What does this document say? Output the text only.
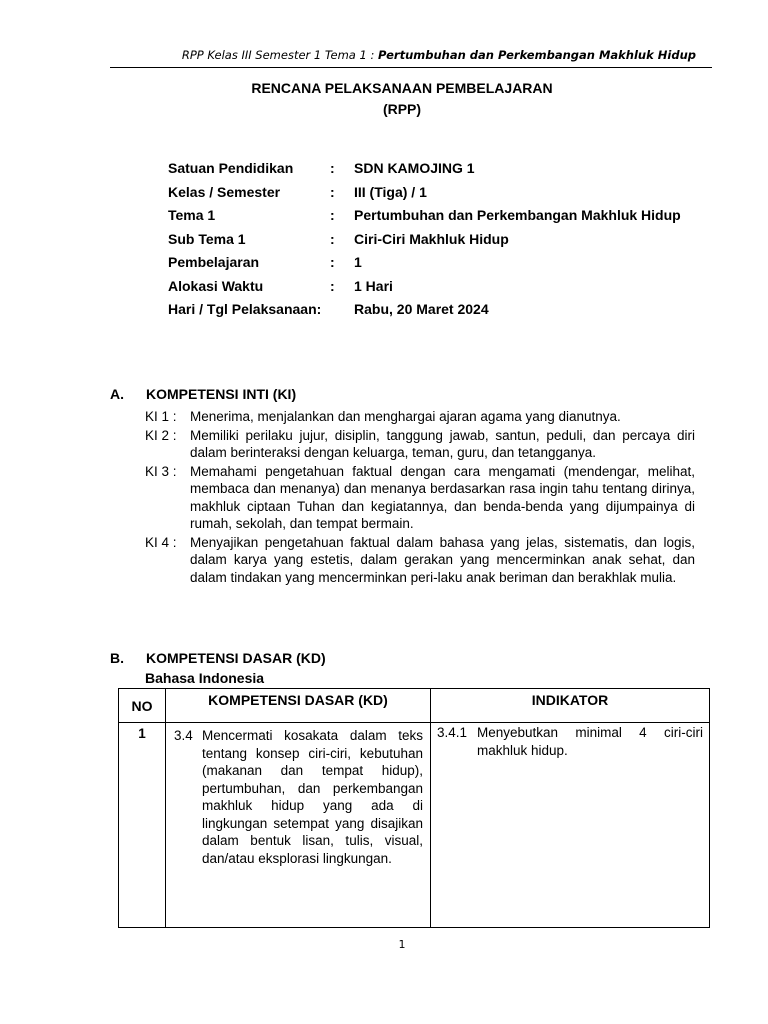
RPP Kelas III Semester 1 Tema 1 : Pertumbuhan dan Perkembangan Makhluk Hidup
RENCANA PELAKSANAAN PEMBELAJARAN
(RPP)
Satuan Pendidikan	:	SDN KAMOJING 1
Kelas / Semester	:	III (Tiga) / 1
Tema 1	:	Pertumbuhan dan Perkembangan Makhluk Hidup
Sub Tema 1	:	Ciri-Ciri Makhluk Hidup
Pembelajaran	:	1
Alokasi Waktu	:	1 Hari
Hari / Tgl Pelaksanaan:	Rabu, 20 Maret 2024
A. KOMPETENSI INTI (KI)
KI 1 : Menerima, menjalankan dan menghargai ajaran agama yang dianutnya.
KI 2 : Memiliki perilaku jujur, disiplin, tanggung jawab, santun, peduli, dan percaya diri dalam berinteraksi dengan keluarga, teman, guru, dan tetangganya.
KI 3 : Memahami pengetahuan faktual dengan cara mengamati (mendengar, melihat, membaca dan menanya) dan menanya berdasarkan rasa ingin tahu tentang dirinya, makhluk ciptaan Tuhan dan kegiatannya, dan benda-benda yang dijumpainya di rumah, sekolah, dan tempat bermain.
KI 4 : Menyajikan pengetahuan faktual dalam bahasa yang jelas, sistematis, dan logis, dalam karya yang estetis, dalam gerakan yang mencerminkan anak sehat, dan dalam tindakan yang mencerminkan peri-laku anak beriman dan berakhlak mulia.
B. KOMPETENSI DASAR (KD)
Bahasa Indonesia
NO	KOMPETENSI DASAR (KD)	INDIKATOR
1	3.4 Mencermati kosakata dalam teks tentang konsep ciri-ciri, kebutuhan (makanan dan tempat hidup), pertumbuhan, dan perkembangan makhluk hidup yang ada di lingkungan setempat yang disajikan dalam bentuk lisan, tulis, visual, dan/atau eksplorasi lingkungan.	3.4.1 Menyebutkan minimal 4 ciri-ciri makhluk hidup.
1
